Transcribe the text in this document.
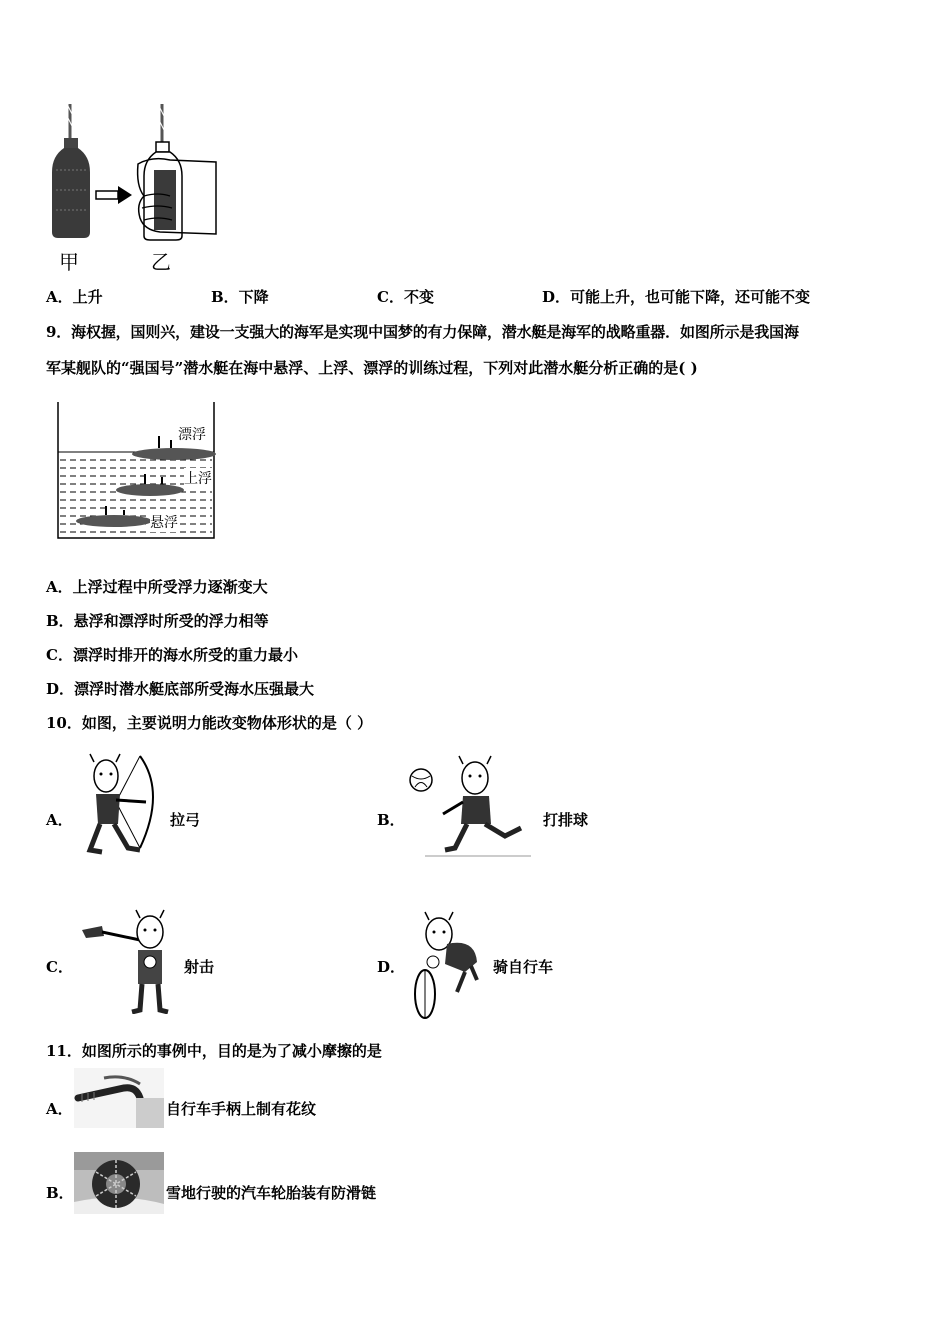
甲	乙
A．上升	B．下降	C．不变	D．可能上升，也可能下降，还可能不变
9．海权握，国则兴，建设一支强大的海军是实现中国梦的有力保障，潜水艇是海军的战略重器．如图所示是我国海
军某舰队的“强国号”潜水艇在海中悬浮、上浮、漂浮的训练过程，下列对此潜水艇分析正确的是( )
漂浮
上浮
悬浮
A．上浮过程中所受浮力逐渐变大
B．悬浮和漂浮时所受的浮力相等
C．漂浮时排开的海水所受的重力最小
D．漂浮时潜水艇底部所受海水压强最大
10．如图，主要说明力能改变物体形状的是（ ）
A．	拉弓	B．	打排球
C．	射击	D．	骑自行车
11．如图所示的事例中，目的是为了减小摩擦的是
A．	自行车手柄上制有花纹
B．	雪地行驶的汽车轮胎装有防滑链
